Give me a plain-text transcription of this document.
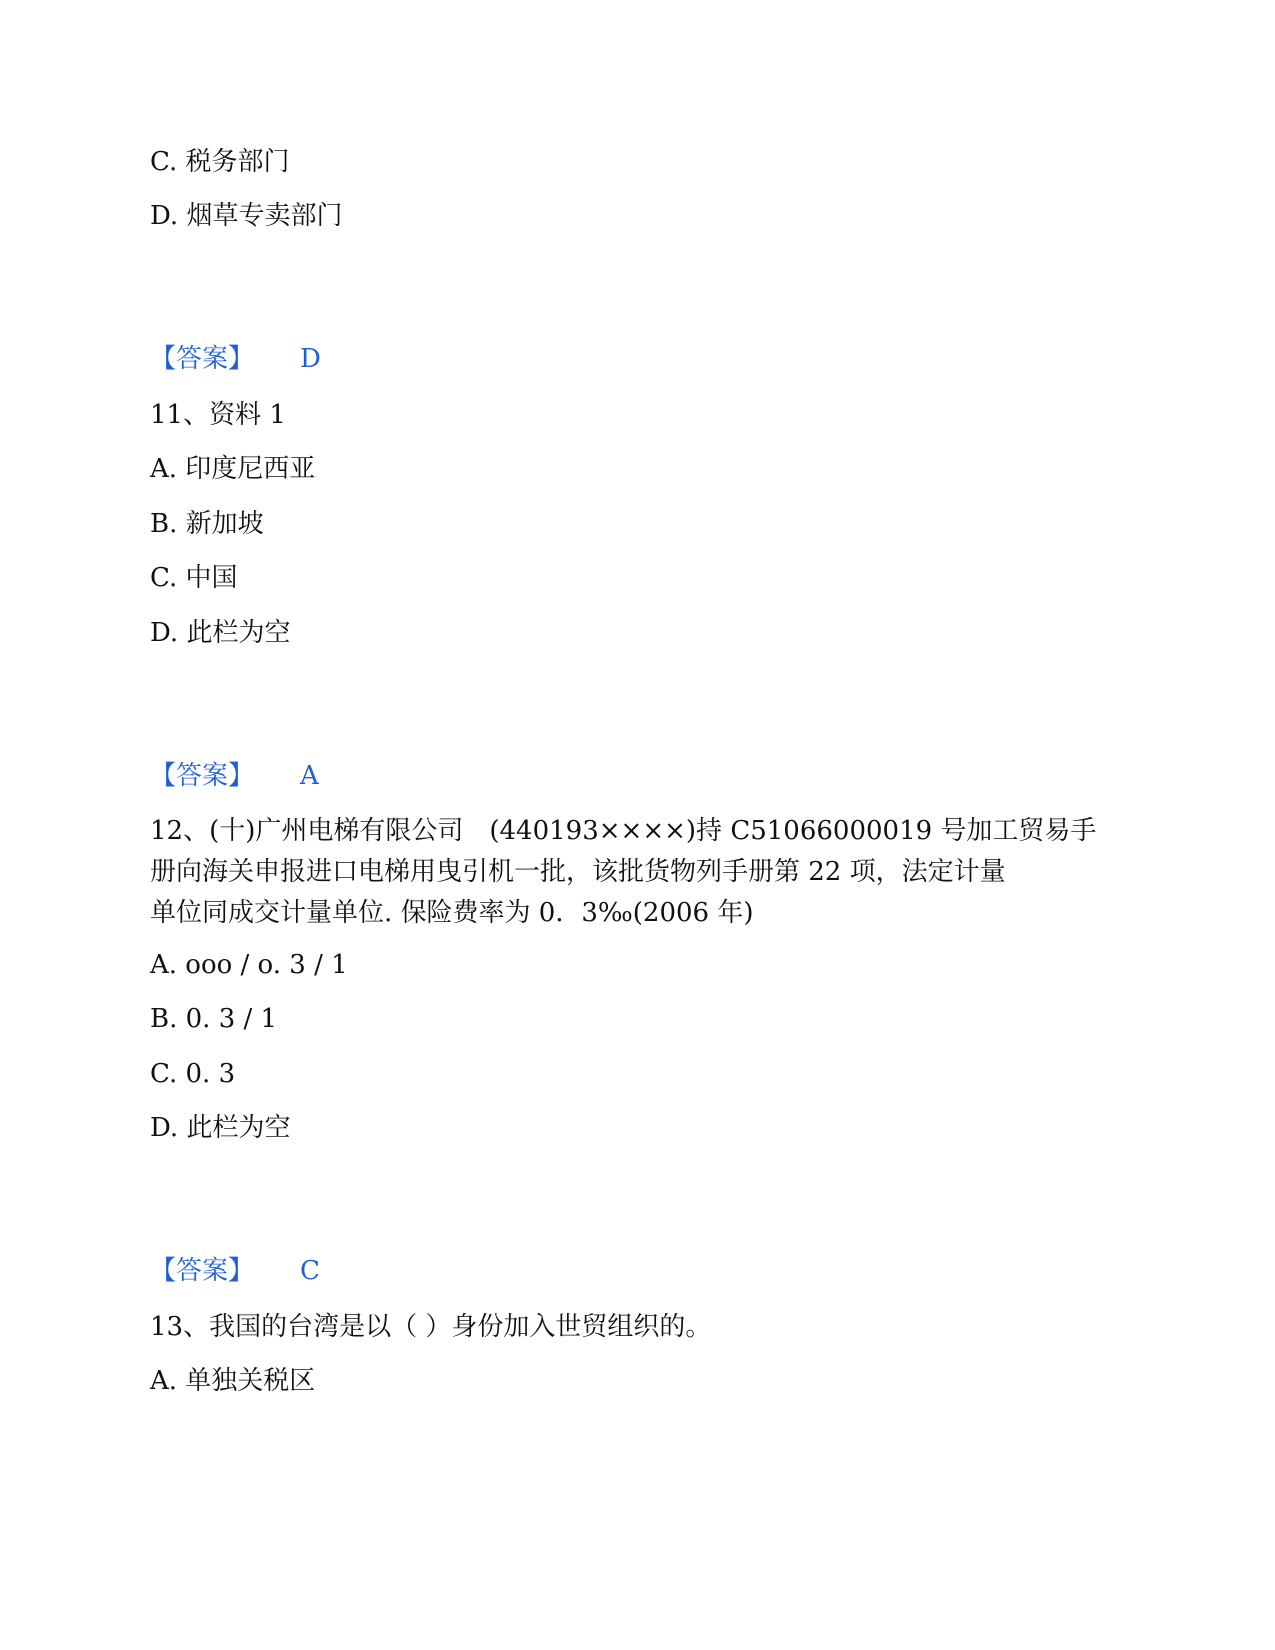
C. 税务部门
D. 烟草专卖部门
【答案】 D
11、资料 1
A. 印度尼西亚
B. 新加坡
C. 中国
D. 此栏为空
【答案】 A
12、(十)广州电梯有限公司　(440193××××)持 C51066000019 号加工贸易手
册向海关申报进口电梯用曳引机一批，该批货物列手册第 22 项，法定计量
单位同成交计量单位. 保险费率为 0．3‰(2006 年)
A. ooo / o. 3 / 1
B. 0. 3 / 1
C. 0. 3
D. 此栏为空
【答案】 C
13、我国的台湾是以（ ）身份加入世贸组织的。
A. 单独关税区
